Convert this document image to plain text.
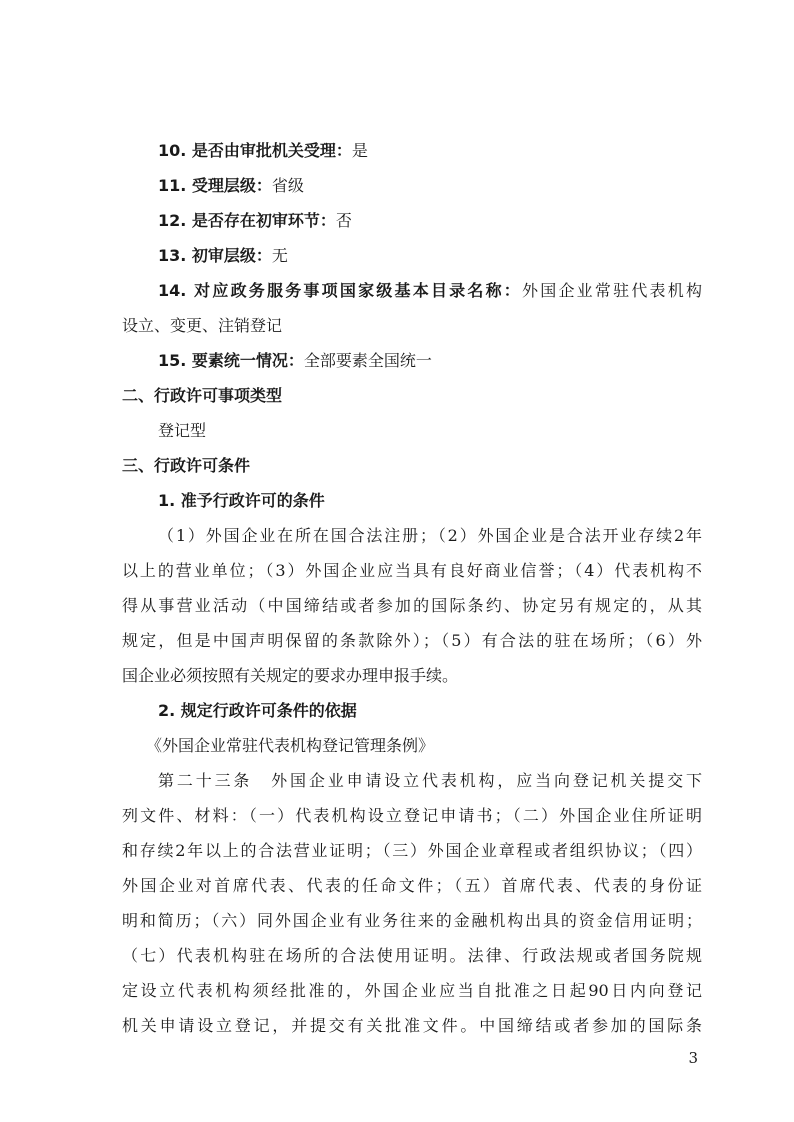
10. 是否由审批机关受理：是
11. 受理层级：省级
12. 是否存在初审环节：否
13. 初审层级：无
14. 对应政务服务事项国家级基本目录名称：外国企业常驻代表机构
设立、变更、注销登记
15. 要素统一情况：全部要素全国统一
二、行政许可事项类型
登记型
三、行政许可条件
1. 准予行政许可的条件
（1）外国企业在所在国合法注册；（2）外国企业是合法开业存续2年
以上的营业单位；（3）外国企业应当具有良好商业信誉；（4）代表机构不
得从事营业活动（中国缔结或者参加的国际条约、协定另有规定的，从其
规定，但是中国声明保留的条款除外）；（5）有合法的驻在场所；（6）外
国企业必须按照有关规定的要求办理申报手续。
2. 规定行政许可条件的依据
《外国企业常驻代表机构登记管理条例》
第二十三条　外国企业申请设立代表机构，应当向登记机关提交下
列文件、材料：（一）代表机构设立登记申请书；（二）外国企业住所证明
和存续2年以上的合法营业证明；（三）外国企业章程或者组织协议；（四）
外国企业对首席代表、代表的任命文件；（五）首席代表、代表的身份证
明和简历；（六）同外国企业有业务往来的金融机构出具的资金信用证明；
（七）代表机构驻在场所的合法使用证明。法律、行政法规或者国务院规
定设立代表机构须经批准的，外国企业应当自批准之日起90日内向登记
机关申请设立登记，并提交有关批准文件。中国缔结或者参加的国际条
3
